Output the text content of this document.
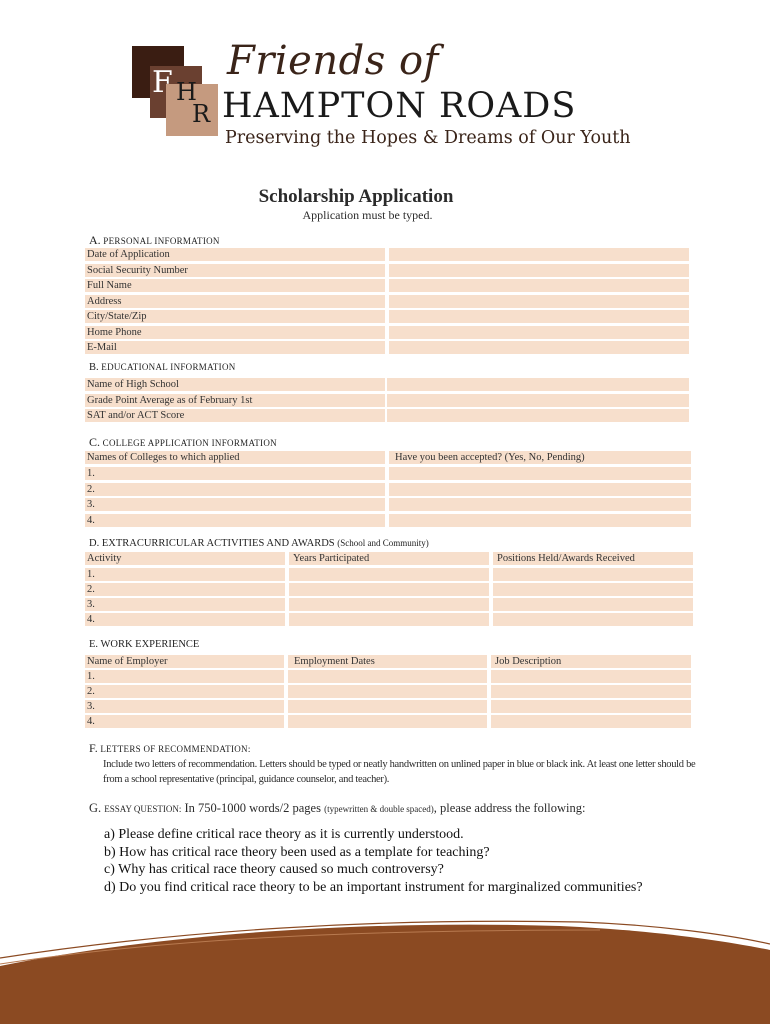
F H
R
Friends of
HAMPTON ROADS
Preserving the Hopes & Dreams of Our Youth
Scholarship Application
Application must be typed.
A. PERSONAL INFORMATION
Date of Application
Social Security Number
Full Name
Address
City/State/Zip
Home Phone
E-Mail
B. EDUCATIONAL INFORMATION
Name of High School
Grade Point Average as of February 1st
SAT and/or ACT Score
C. COLLEGE APPLICATION INFORMATION
Names of Colleges to which applied	Have you been accepted? (Yes, No, Pending)
1.
2.
3.
4.
D. EXTRACURRICULAR ACTIVITIES AND AWARDS (School and Community)
Activity	Years Participated	Positions Held/Awards Received
1.
2.
3.
4.
E. WORK EXPERIENCE
Name of Employer	Employment Dates	Job Description
1.
2.
3.
4.
F. LETTERS OF RECOMMENDATION:
Include two letters of recommendation. Letters should be typed or neatly handwritten on unlined paper in blue or black ink. At least one letter should be from a school representative (principal, guidance counselor, and teacher).
G. ESSAY QUESTION: In 750-1000 words/2 pages (typewritten & double spaced), please address the following:
a) Please define critical race theory as it is currently understood.
b) How has critical race theory been used as a template for teaching?
c) Why has critical race theory caused so much controversy?
d) Do you find critical race theory to be an important instrument for marginalized communities?
